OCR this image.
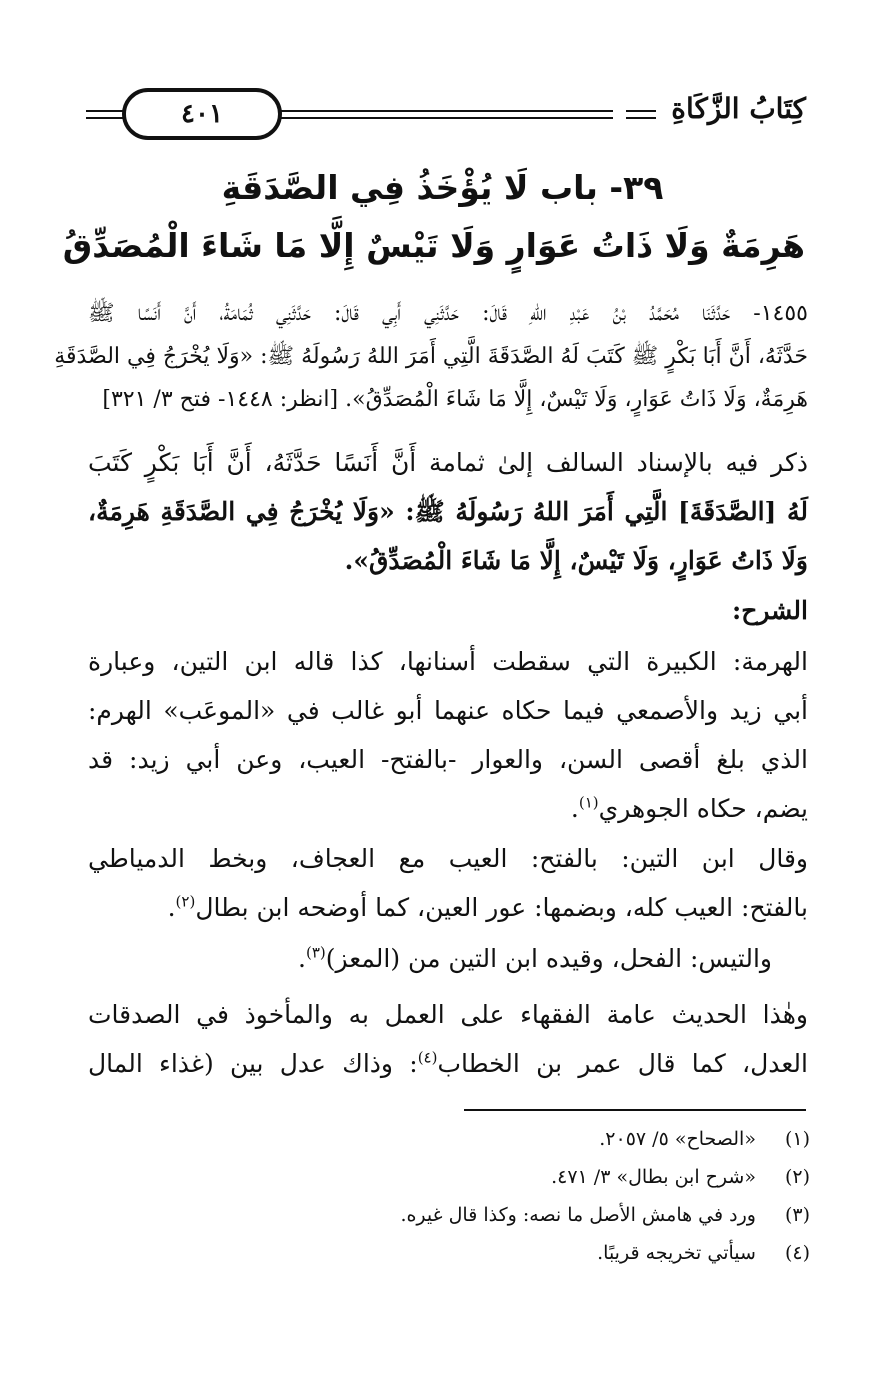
٤٠١	كِتَابُ الزَّكَاةِ
٣٩- باب لَا يُؤْخَذُ فِي الصَّدَقَةِ
هَرِمَةٌ وَلَا ذَاتُ عَوَارٍ وَلَا تَيْسٌ إِلَّا مَا شَاءَ الْمُصَدِّقُ
١٤٥٥- حَدَّثَنَا مُحَمَّدُ بْنُ عَبْدِ اللهِ قَالَ: حَدَّثَنِي أَبِي قَالَ: حَدَّثَنِي ثُمَامَةُ، أَنَّ أَنَسًا ﷺ
حَدَّثَهُ، أَنَّ أَبَا بَكْرٍ ﷺ كَتَبَ لَهُ الصَّدَقَةَ الَّتِي أَمَرَ اللهُ رَسُولَهُ ﷺ: «وَلَا يُخْرَجُ فِي الصَّدَقَةِ
هَرِمَةٌ، وَلَا ذَاتُ عَوَارٍ، وَلَا تَيْسٌ، إِلَّا مَا شَاءَ الْمُصَدِّقُ». [انظر: ١٤٤٨- فتح ٣/ ٣٢١]
ذكر فيه بالإسناد السالف إلىٰ ثمامة أَنَّ أَنَسًا حَدَّثَهُ، أَنَّ أَبَا بَكْرٍ كَتَبَ
لَهُ [الصَّدَقَةَ] الَّتِي أَمَرَ اللهُ رَسُولَهُ ﷺ: «وَلَا يُخْرَجُ فِي الصَّدَقَةِ هَرِمَةٌ،
وَلَا ذَاتُ عَوَارٍ، وَلَا تَيْسٌ، إِلَّا مَا شَاءَ الْمُصَدِّقُ».
الشرح:
الهرمة: الكبيرة التي سقطت أسنانها، كذا قاله ابن التين، وعبارة
أبي زيد والأصمعي فيما حكاه عنهما أبو غالب في «الموعَب» الهرم:
الذي بلغ أقصى السن، والعوار -بالفتح- العيب، وعن أبي زيد: قد
يضم، حكاه الجوهري$^{(١)}$.
وقال ابن التين: بالفتح: العيب مع العجاف، وبخط الدمياطي
بالفتح: العيب كله، وبضمها: عور العين، كما أوضحه ابن بطال$^{(٢)}$.
والتيس: الفحل، وقيده ابن التين من (المعز)$^{(٣)}$.
وهٰذا الحديث عامة الفقهاء على العمل به والمأخوذ في الصدقات
العدل، كما قال عمر بن الخطاب$^{(٤)}$: وذاك عدل بين (غذاء المال
(١) «الصحاح» ٥/ ٢٠٥٧.
(٢) «شرح ابن بطال» ٣/ ٤٧١.
(٣) ورد في هامش الأصل ما نصه: وكذا قال غيره.
(٤) سيأتي تخريجه قريبًا.
